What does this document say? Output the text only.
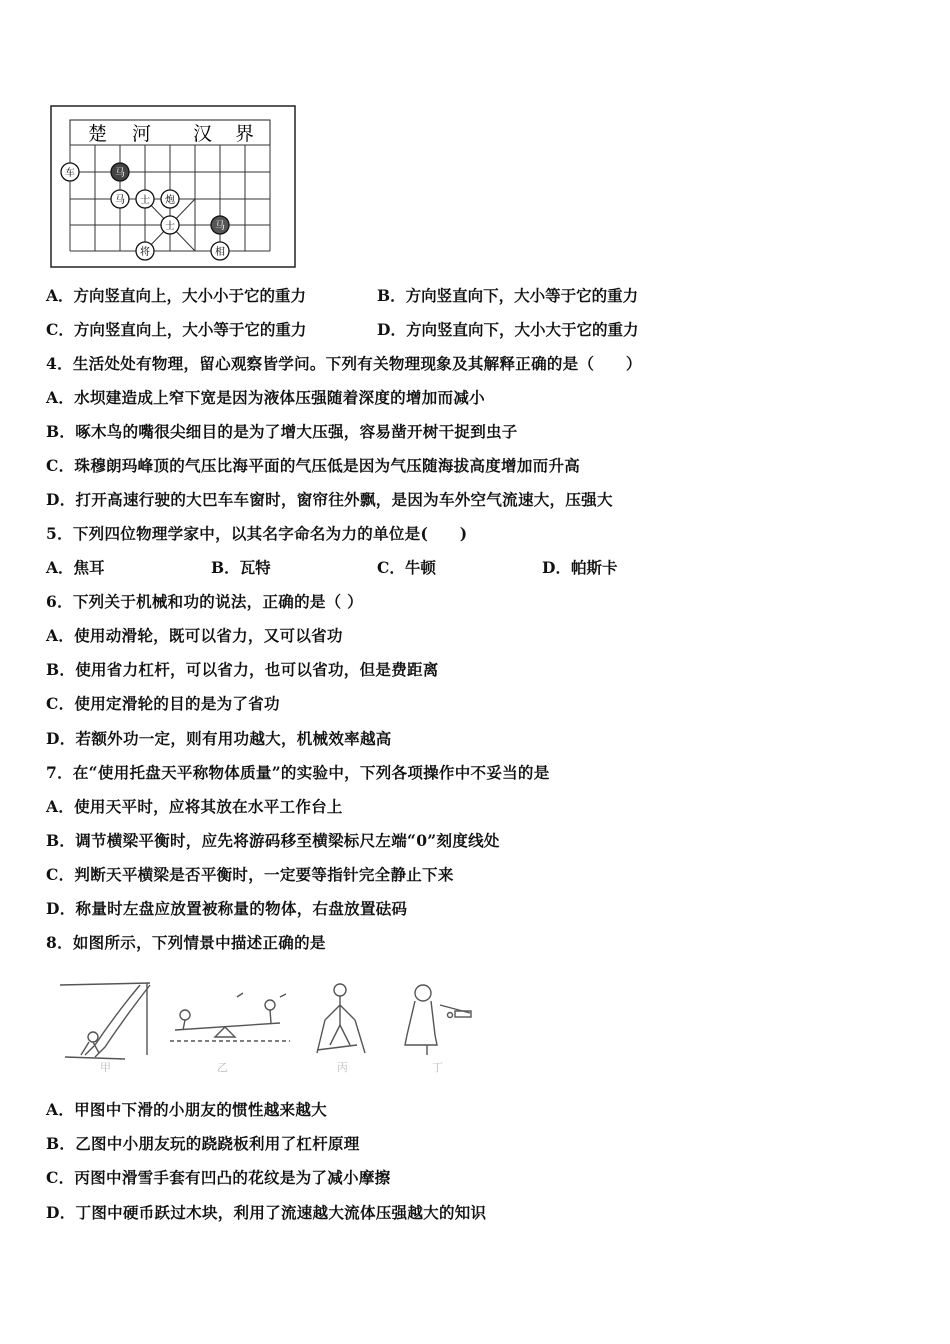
楚 河 汉 界
车	马
马 士 炮
士	马
将	相
A．方向竖直向上，大小小于它的重力	B．方向竖直向下，大小等于它的重力
C．方向竖直向上，大小等于它的重力	D．方向竖直向下，大小大于它的重力
4．生活处处有物理，留心观察皆学问。下列有关物理现象及其解释正确的是（　　）
A．水坝建造成上窄下宽是因为液体压强随着深度的增加而减小
B．啄木鸟的嘴很尖细目的是为了增大压强，容易凿开树干捉到虫子
C．珠穆朗玛峰顶的气压比海平面的气压低是因为气压随海拔高度增加而升高
D．打开高速行驶的大巴车车窗时，窗帘往外飘，是因为车外空气流速大，压强大
5．下列四位物理学家中，以其名字命名为力的单位是(　　)
A．焦耳	B．瓦特	C．牛顿	D．帕斯卡
6．下列关于机械和功的说法，正确的是（ ）
A．使用动滑轮，既可以省力，又可以省功
B．使用省力杠杆，可以省力，也可以省功，但是费距离
C．使用定滑轮的目的是为了省功
D．若额外功一定，则有用功越大，机械效率越高
7．在“使用托盘天平称物体质量”的实验中，下列各项操作中不妥当的是
A．使用天平时，应将其放在水平工作台上
B．调节横梁平衡时，应先将游码移至横梁标尺左端“0”刻度线处
C．判断天平横梁是否平衡时，一定要等指针完全静止下来
D．称量时左盘应放置被称量的物体，右盘放置砝码
8．如图所示，下列情景中描述正确的是
甲	乙	丙	丁
A．甲图中下滑的小朋友的惯性越来越大
B．乙图中小朋友玩的跷跷板利用了杠杆原理
C．丙图中滑雪手套有凹凸的花纹是为了减小摩擦
D．丁图中硬币跃过木块，利用了流速越大流体压强越大的知识
